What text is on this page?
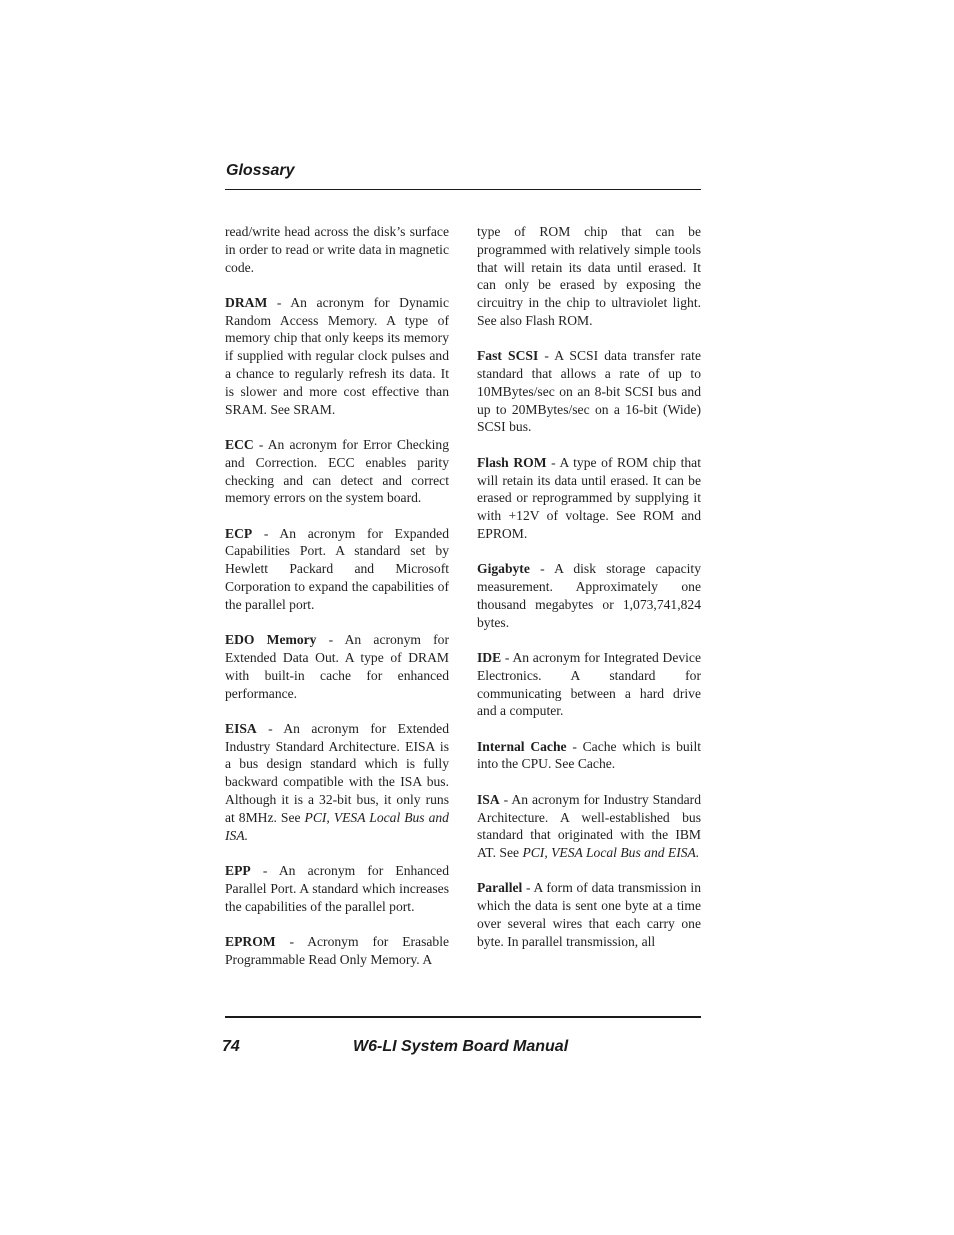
Glossary

read/write head across the disk’s surface in order to read or write data in magnetic code.

DRAM - An acronym for Dynamic Random Access Memory. A type of memory chip that only keeps its memory if supplied with regular clock pulses and a chance to regularly refresh its data. It is slower and more cost effective than SRAM. See SRAM.

ECC - An acronym for Error Checking and Correction. ECC enables parity checking and can detect and correct memory errors on the system board.

ECP - An acronym for Expanded Capabilities Port. A standard set by Hewlett Packard and Microsoft Corporation to expand the capabilities of the parallel port.

EDO Memory - An acronym for Extended Data Out. A type of DRAM with built-in cache for enhanced performance.

EISA - An acronym for Extended Industry Standard Architecture. EISA is a bus design standard which is fully backward compatible with the ISA bus. Although it is a 32-bit bus, it only runs at 8MHz. See PCI, VESA Local Bus and ISA.

EPP - An acronym for Enhanced Parallel Port. A standard which increases the capabilities of the parallel port.

EPROM - Acronym for Erasable Programmable Read Only Memory. A

type of ROM chip that can be programmed with relatively simple tools that will retain its data until erased. It can only be erased by exposing the circuitry in the chip to ultraviolet light. See also Flash ROM.

Fast SCSI - A SCSI data transfer rate standard that allows a rate of up to 10MBytes/sec on an 8-bit SCSI bus and up to 20MBytes/sec on a 16-bit (Wide) SCSI bus.

Flash ROM - A type of ROM chip that will retain its data until erased. It can be erased or reprogrammed by supplying it with +12V of voltage. See ROM and EPROM.

Gigabyte - A disk storage capacity measurement. Approximately one thousand megabytes or 1,073,741,824 bytes.

IDE - An acronym for Integrated Device Electronics. A standard for communicating between a hard drive and a computer.

Internal Cache - Cache which is built into the CPU. See Cache.

ISA - An acronym for Industry Standard Architecture. A well-established bus standard that originated with the IBM AT. See PCI, VESA Local Bus and EISA.

Parallel - A form of data transmission in which the data is sent one byte at a time over several wires that each carry one byte. In parallel transmission, all

74	W6-LI System Board Manual
